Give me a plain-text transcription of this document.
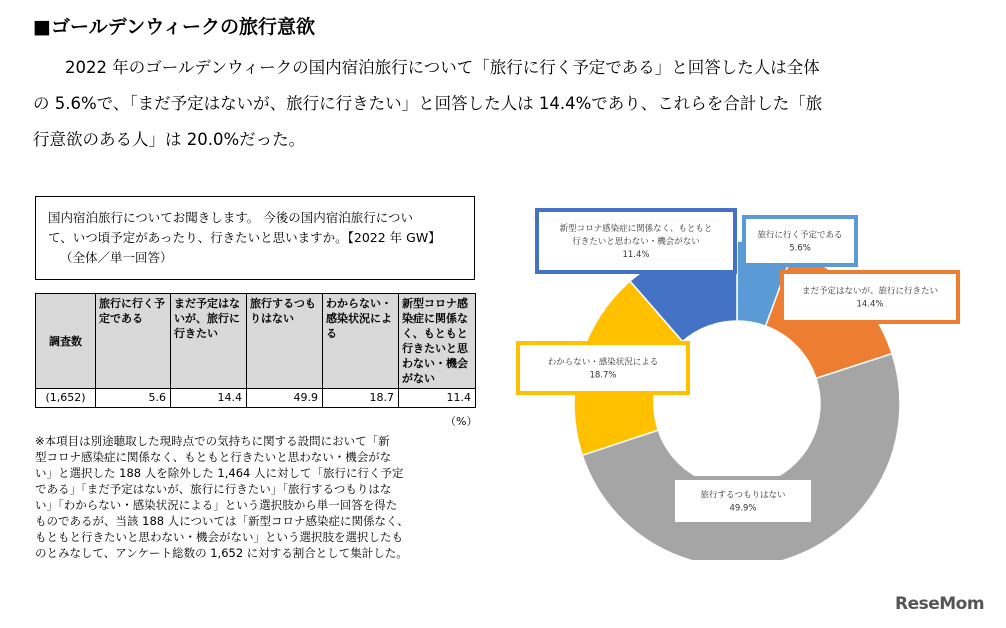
■ゴールデンウィークの旅行意欲

2022 年のゴールデンウィークの国内宿泊旅行について「旅行に行く予定である」と回答した人は全体
の 5.6%で、「まだ予定はないが、旅行に行きたい」と回答した人は 14.4%であり、これらを合計した「旅
行意欲のある人」は 20.0%だった。

国内宿泊旅行についてお聞きします。 今後の国内宿泊旅行につい
て、いつ頃予定があったり、行きたいと思いますか。【2022 年 GW】
（全体／単一回答）
調査数	旅行に行く予定である	まだ予定はないが、旅行に行きたい	旅行するつもりはない	わからない・感染状況による	新型コロナ感染症に関係なく、もともと行きたいと思わない・機会がない
(1,652)	5.6	14.4	49.9	18.7	11.4
（%）

※本項目は別途聴取した現時点での気持ちに関する設問において「新
型コロナ感染症に関係なく、もともと行きたいと思わない・機会がな
い」と選択した 188 人を除外した 1,464 人に対して「旅行に行く予定
である」「まだ予定はないが、旅行に行きたい」「旅行するつもりはな
い」「わからない・感染状況による」という選択肢から単一回答を得た
ものであるが、当該 188 人については「新型コロナ感染症に関係なく、
もともと行きたいと思わない・機会がない」という選択肢を選択したも
のとみなして、アンケート総数の 1,652 に対する割合として集計した。

旅行に行く予定である
5.6%
まだ予定はないが、旅行に行きたい
14.4%
旅行するつもりはない
49.9%
わからない・感染状況による
18.7%
新型コロナ感染症に関係なく、もともと
行きたいと思わない・機会がない
11.4%
ReseMom
